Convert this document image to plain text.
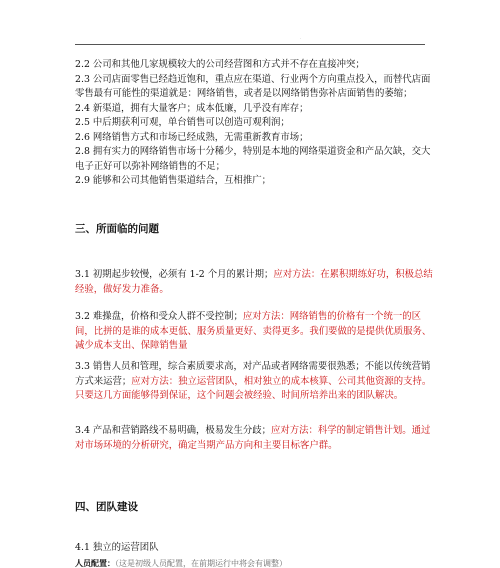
·

2.2 公司和其他几家规模较大的公司经营图和方式并不存在直接冲突；

2.3 公司店面零售已经趋近饱和，重点应在渠道、行业两个方向重点投入，而替代店面零售最有可能性的渠道就是：网络销售，或者是以网络销售弥补店面销售的萎缩；

2.4 新渠道，拥有大量客户；成本低廉，几乎没有库存；

2.5 中后期获利可观，单台销售可以创造可观利润；

2.6 网络销售方式和市场已经成熟，无需重新教育市场；

2.8 拥有实力的网络销售市场十分稀少，特别是本地的网络渠道资金和产品欠缺，交大电子正好可以弥补网络销售的不足；

2.9 能够和公司其他销售渠道结合，互相推广；

三、所面临的问题

3.1 初期起步较慢，必须有 1-2 个月的累计期；应对方法：在累积期练好功，积极总结经验，做好发力准备。

3.2 难操盘，价格和受众人群不受控制；应对方法：网络销售的价格有一个统一的区间，比拼的是谁的成本更低、服务质量更好、卖得更多。我们要做的是提供优质服务、减少成本支出、保障销售量

3.3 销售人员和管理，综合素质要求高，对产品或者网络需要很熟悉；不能以传统营销方式来运营；应对方法：独立运营团队，相对独立的成本核算、公司其他资源的支持。只要这几方面能够得到保证，这个问题会被经验、时间所培养出来的团队解决。

3.4 产品和营销路线不易明确，极易发生分歧；应对方法：科学的制定销售计划。通过对市场环境的分析研究，确定当期产品方向和主要目标客户群。

四、团队建设
4.1 独立的运营团队
人员配置：（这是初级人员配置，在前期运行中将会有调整）
